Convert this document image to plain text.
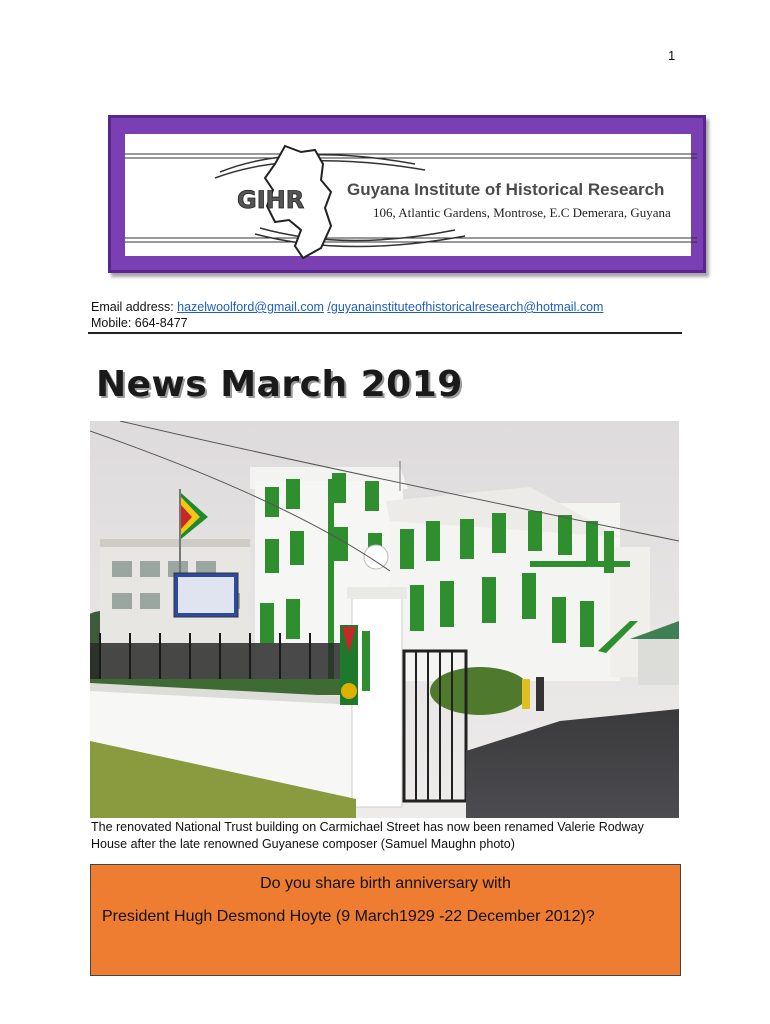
1
GIHR	Guyana Institute of Historical Research
106, Atlantic Gardens, Montrose, E.C Demerara, Guyana
Email address: hazelwoolford@gmail.com /guyanainstituteofhistoricalresearch@hotmail.com
Mobile: 664-8477
News March 2019
The renovated National Trust building on Carmichael Street has now been renamed Valerie Rodway
House after the late renowned Guyanese composer (Samuel Maughn photo)
Do you share birth anniversary with
President Hugh Desmond Hoyte (9 March1929 -22 December 2012)?
